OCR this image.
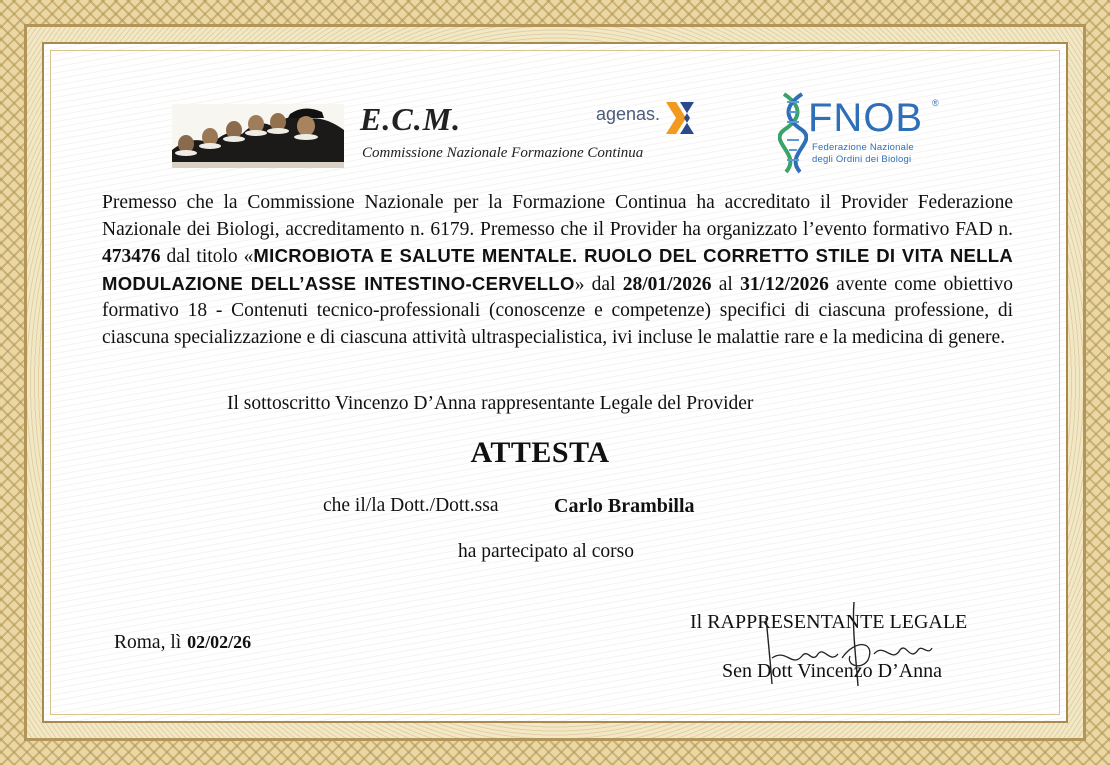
E.C.M.
Commissione Nazionale Formazione Continua
agenas.	FNOB ®
Federazione Nazionale
degli Ordini dei Biologi
Premesso che la Commissione Nazionale per la Formazione Continua ha accreditato il Provider Federazione Nazionale dei Biologi, accreditamento n. 6179. Premesso che il Provider ha organizzato l’evento formativo FAD n. 473476 dal titolo «MICROBIOTA E SALUTE MENTALE. RUOLO DEL CORRETTO STILE DI VITA NELLA MODULAZIONE DELL’ASSE INTESTINO-CERVELLO» dal 28/01/2026 al 31/12/2026 avente come obiettivo formativo 18 - Contenuti tecnico-professionali (conoscenze e competenze) specifici di ciascuna professione, di ciascuna specializzazione e di ciascuna attività ultraspecialistica, ivi incluse le malattie rare e la medicina di genere.
Il sottoscritto Vincenzo D’Anna rappresentante Legale del Provider
ATTESTA
che il/la Dott./Dott.ssa	Carlo Brambilla
ha partecipato al corso
Roma, lì 02/02/26
Il RAPPRESENTANTE LEGALE
Sen Dott Vincenzo D’Anna
